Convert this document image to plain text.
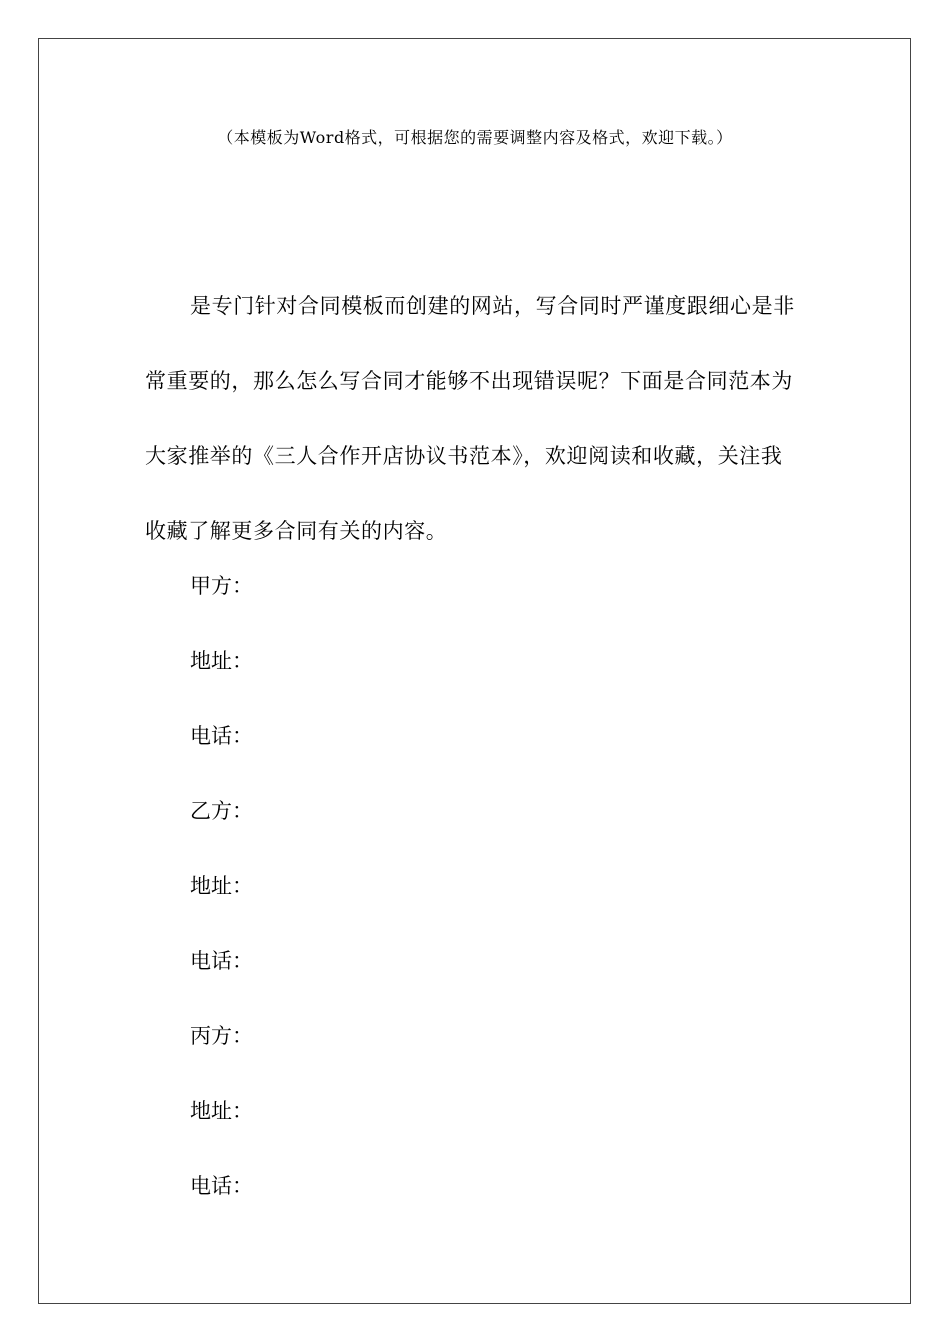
（本模板为Word格式，可根据您的需要调整内容及格式，欢迎下载。）

是专门针对合同模板而创建的网站，写合同时严谨度跟细心是非常重要的，那么怎么写合同才能够不出现错误呢？下面是合同范本为大家推举的《三人合作开店协议书范本》，欢迎阅读和收藏，关注我收藏了解更多合同有关的内容。

甲方：
地址：
电话：
乙方：
地址：
电话：
丙方：
地址：
电话：
